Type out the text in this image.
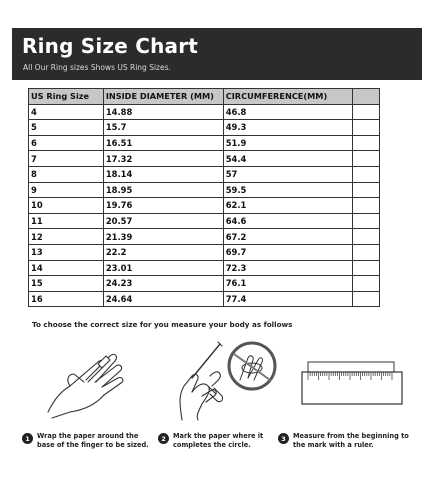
Ring Size Chart
All Our Ring sizes Shows US Ring Sizes.
US Ring Size	INSIDE DIAMETER (MM)	CIRCUMFERENCE(MM)	
4	14.88	46.8	
5	15.7	49.3	
6	16.51	51.9	
7	17.32	54.4	
8	18.14	57	
9	18.95	59.5	
10	19.76	62.1	
11	20.57	64.6	
12	21.39	67.2	
13	22.2	69.7	
14	23.01	72.3	
15	24.23	76.1	
16	24.64	77.4	
To choose the correct size for you measure your body as follows
1	Wrap the paper around the
base of the finger to be sized.
2	Mark the paper where it
completes the circle.
3	Measure from the beginning to
the mark with a ruler.
